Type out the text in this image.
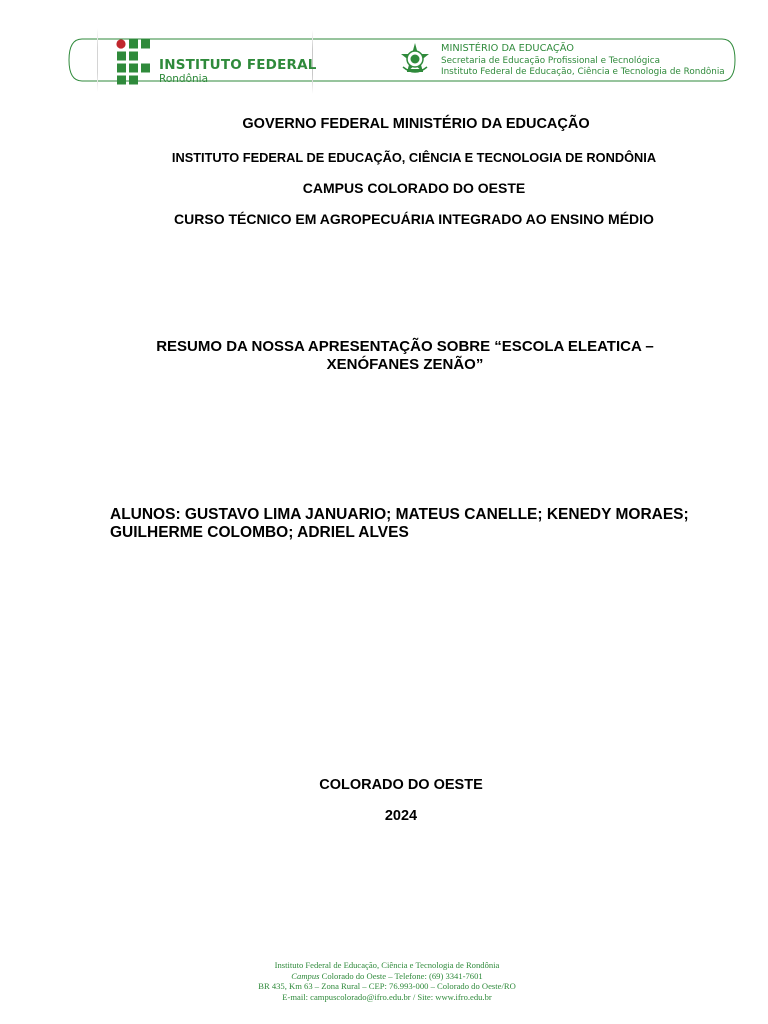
INSTITUTO FEDERAL
Rondônia
MINISTÉRIO DA EDUCAÇÃO
Secretaria de Educação Profissional e Tecnológica
Instituto Federal de Educação, Ciência e Tecnologia de Rondônia
GOVERNO FEDERAL MINISTÉRIO DA EDUCAÇÃO
INSTITUTO FEDERAL DE EDUCAÇÃO, CIÊNCIA E TECNOLOGIA DE RONDÔNIA
CAMPUS COLORADO DO OESTE
CURSO TÉCNICO EM AGROPECUÁRIA INTEGRADO AO ENSINO MÉDIO
RESUMO DA NOSSA APRESENTAÇÃO SOBRE “ESCOLA ELEATICA – XENÓFANES ZENÃO”
ALUNOS: GUSTAVO LIMA JANUARIO; MATEUS CANELLE; KENEDY MORAES; GUILHERME COLOMBO; ADRIEL ALVES
COLORADO DO OESTE
2024
Instituto Federal de Educação, Ciência e Tecnologia de Rondônia
Campus Colorado do Oeste – Telefone: (69) 3341-7601
BR 435, Km 63 – Zona Rural – CEP: 76.993-000 – Colorado do Oeste/RO
E-mail: campuscolorado@ifro.edu.br / Site: www.ifro.edu.br
